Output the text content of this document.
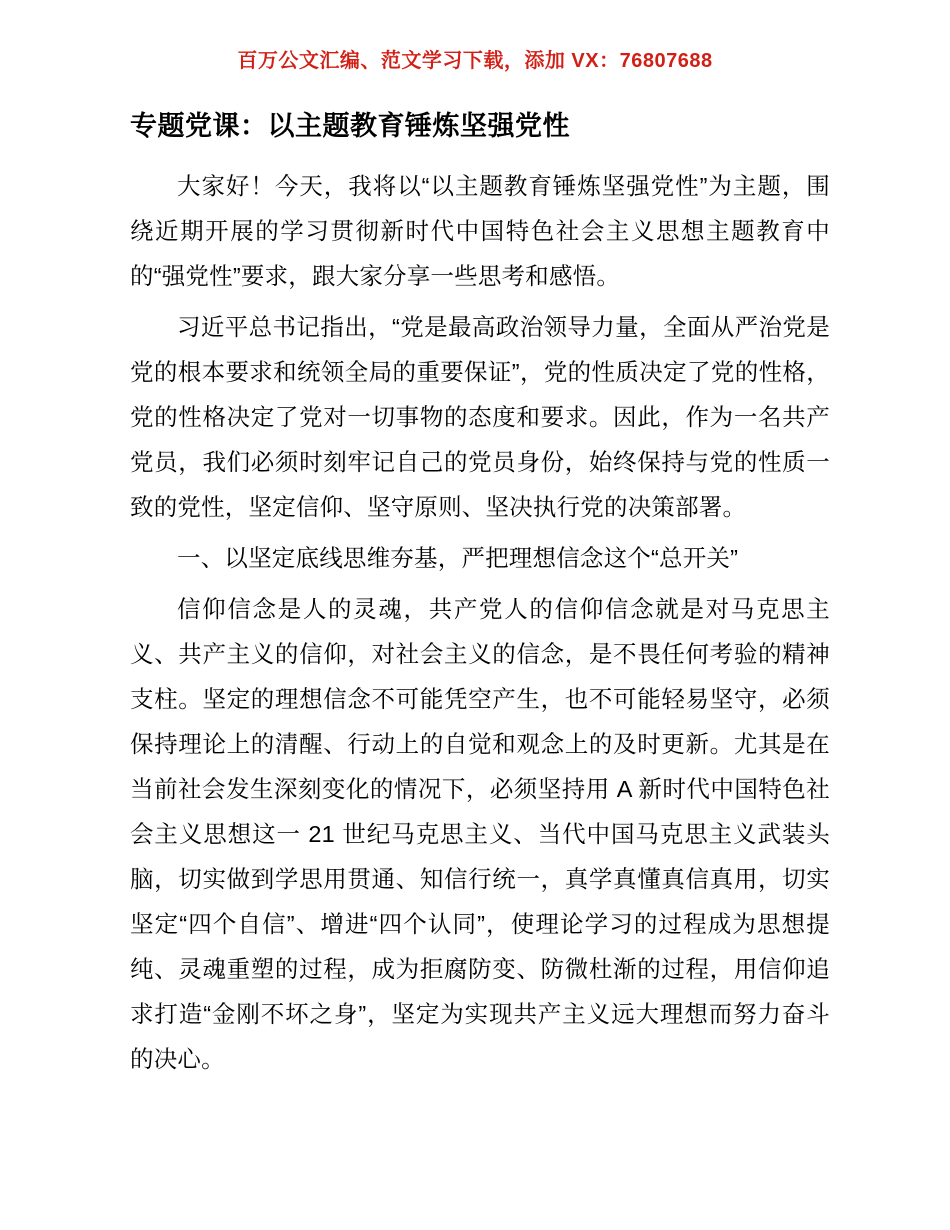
百万公文汇编、范文学习下载，添加 VX：76807688
专题党课：以主题教育锤炼坚强党性

大家好！今天，我将以“以主题教育锤炼坚强党性”为主题，围绕近期开展的学习贯彻新时代中国特色社会主义思想主题教育中的“强党性”要求，跟大家分享一些思考和感悟。

习近平总书记指出，“党是最高政治领导力量，全面从严治党是党的根本要求和统领全局的重要保证”，党的性质决定了党的性格，党的性格决定了党对一切事物的态度和要求。因此，作为一名共产党员，我们必须时刻牢记自己的党员身份，始终保持与党的性质一致的党性，坚定信仰、坚守原则、坚决执行党的决策部署。

一、以坚定底线思维夯基，严把理想信念这个“总开关”

信仰信念是人的灵魂，共产党人的信仰信念就是对马克思主义、共产主义的信仰，对社会主义的信念，是不畏任何考验的精神支柱。坚定的理想信念不可能凭空产生，也不可能轻易坚守，必须保持理论上的清醒、行动上的自觉和观念上的及时更新。尤其是在当前社会发生深刻变化的情况下，必须坚持用 A 新时代中国特色社会主义思想这一 21 世纪马克思主义、当代中国马克思主义武装头脑，切实做到学思用贯通、知信行统一，真学真懂真信真用，切实坚定“四个自信”、增进“四个认同”，使理论学习的过程成为思想提纯、灵魂重塑的过程，成为拒腐防变、防微杜渐的过程，用信仰追求打造“金刚不坏之身”，坚定为实现共产主义远大理想而努力奋斗的决心。
